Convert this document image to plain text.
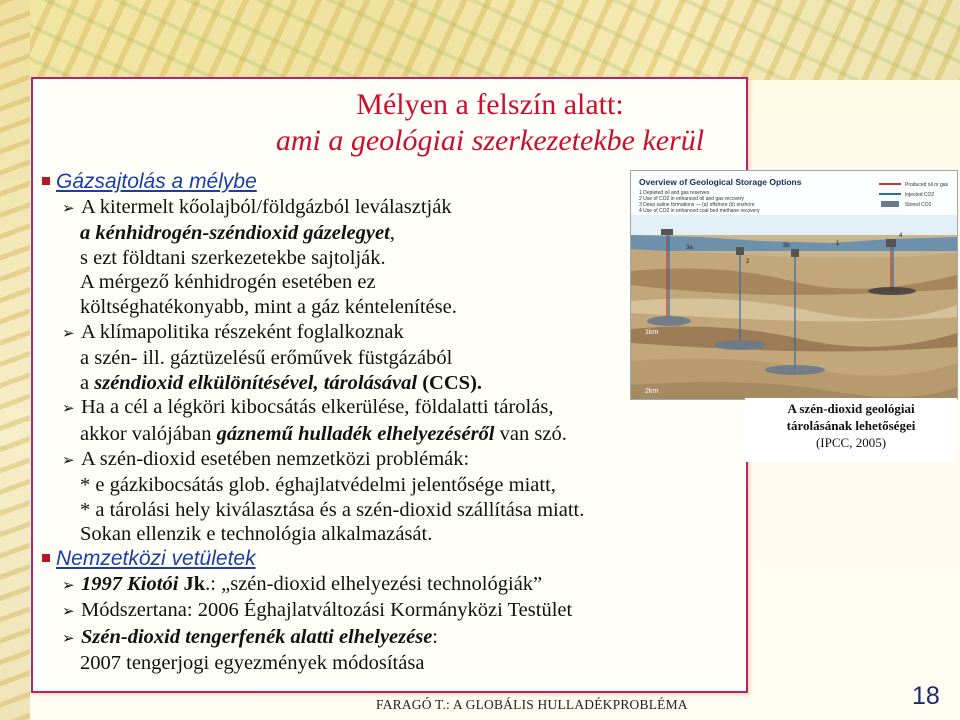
Mélyen a felszín alatt:
ami a geológiai szerkezetekbe kerül
Gázsajtolás a mélybe
➢ A kitermelt kőolajból/földgázból leválasztják
a kénhidrogén-széndioxid gázelegyet,
s ezt földtani szerkezetekbe sajtolják.
A mérgező kénhidrogén esetében ez
költséghatékonyabb, mint a gáz kéntelenítése.
➢ A klímapolitika részeként foglalkoznak
a szén- ill. gáztüzelésű erőművek füstgázából
a széndioxid elkülönítésével, tárolásával (CCS).
➢ Ha a cél a légköri kibocsátás elkerülése, földalatti tárolás,
akkor valójában gáznemű hulladék elhelyezéséről van szó.
➢ A szén-dioxid esetében nemzetközi problémák:
* e gázkibocsátás glob. éghajlatvédelmi jelentősége miatt,
* a tárolási hely kiválasztása és a szén-dioxid szállítása miatt.
Sokan ellenzik e technológia alkalmazását.
Nemzetközi vetületek
➢ 1997 Kiotói Jk.: „szén-dioxid elhelyezési technológiák”
➢ Módszertana: 2006 Éghajlatváltozási Kormányközi Testület
➢ Szén-dioxid tengerfenék alatti elhelyezése:
2007 tengerjogi egyezmények módosítása
Overview of Geological Storage Options
1 Depleted oil and gas reserves
2 Use of CO2 in enhanced oil and gas recovery
3 Deep saline formations — (a) offshore (b) onshore
4 Use of CO2 in enhanced coal bed methane recovery
Produced oil or gas
Injected CO2
Stored CO2
3a
2
3b	1
4
1km
2km
A szén-dioxid geológiai
tárolásának lehetőségei
(IPCC, 2005)
FARAGÓ T.: A GLOBÁLIS HULLADÉKPROBLÉMA	18
